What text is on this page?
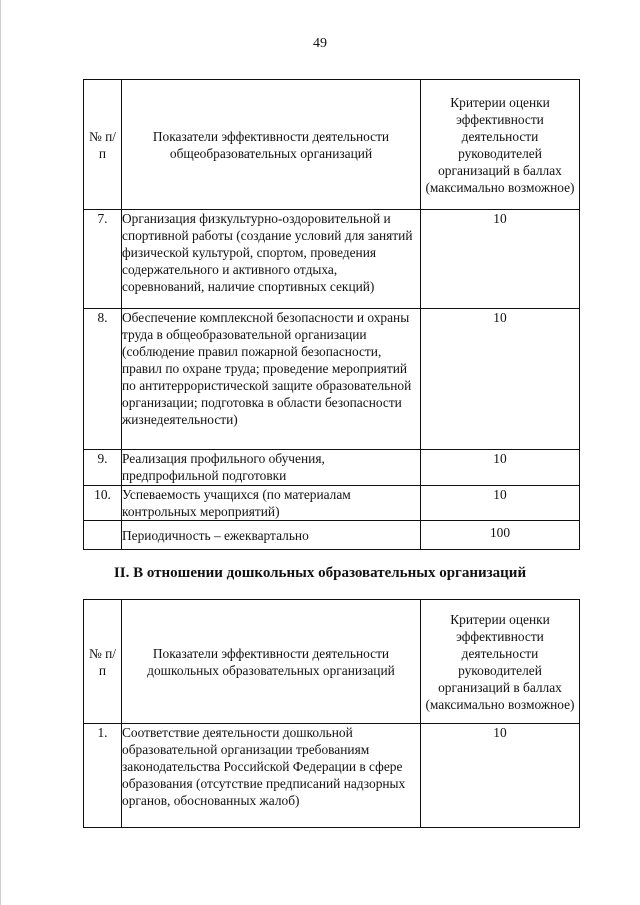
49
№ п/п	Показатели эффективности деятельности общеобразовательных организаций	Критерии оценки эффективности деятельности руководителей организаций в баллах (максимально возможное)
7.	Организация физкультурно-оздоровительной и спортивной работы (создание условий для занятий физической культурой, спортом, проведения содержательного и активного отдыха, соревнований, наличие спортивных секций)	10
8.	Обеспечение комплексной безопасности и охраны труда в общеобразовательной организации (соблюдение правил пожарной безопасности, правил по охране труда; проведение мероприятий по антитеррористической защите образовательной организации; подготовка в области безопасности жизнедеятельности)	10
9.	Реализация профильного обучения, предпрофильной подготовки	10
10.	Успеваемость учащихся (по материалам контрольных мероприятий)	10
	Периодичность – ежеквартально	100
II. В отношении дошкольных образовательных организаций
№ п/п	Показатели эффективности деятельности дошкольных образовательных организаций	Критерии оценки эффективности деятельности руководителей организаций в баллах (максимально возможное)
1.	Соответствие деятельности дошкольной образовательной организации требованиям законодательства Российской Федерации в сфере образования (отсутствие предписаний надзорных органов, обоснованных жалоб)	10
